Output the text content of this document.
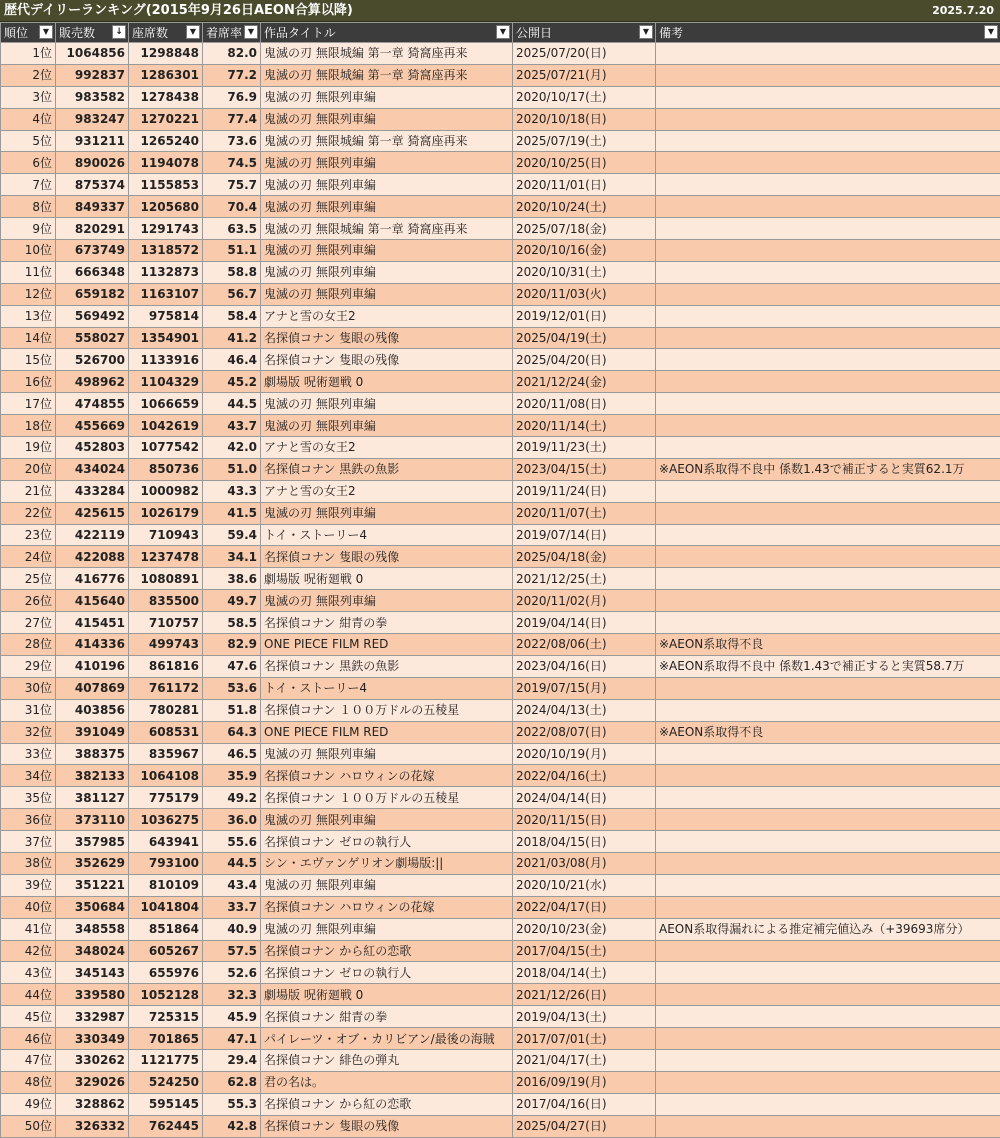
歴代デイリーランキング(2015年9月26日AEON合算以降)	2025.7.20
順位 ▼	販売数 ↓	座席数 ▼	着席率 ▼	作品タイトル ▼	公開日 ▼	備考 ▼

1位	1064856	1298848	82.0	鬼滅の刃 無限城編 第一章 猗窩座再来	2025/07/20(日)	
2位	992837	1286301	77.2	鬼滅の刃 無限城編 第一章 猗窩座再来	2025/07/21(月)	
3位	983582	1278438	76.9	鬼滅の刃 無限列車編	2020/10/17(土)	
4位	983247	1270221	77.4	鬼滅の刃 無限列車編	2020/10/18(日)	
5位	931211	1265240	73.6	鬼滅の刃 無限城編 第一章 猗窩座再来	2025/07/19(土)	
6位	890026	1194078	74.5	鬼滅の刃 無限列車編	2020/10/25(日)	
7位	875374	1155853	75.7	鬼滅の刃 無限列車編	2020/11/01(日)	
8位	849337	1205680	70.4	鬼滅の刃 無限列車編	2020/10/24(土)	
9位	820291	1291743	63.5	鬼滅の刃 無限城編 第一章 猗窩座再来	2025/07/18(金)	
10位	673749	1318572	51.1	鬼滅の刃 無限列車編	2020/10/16(金)	
11位	666348	1132873	58.8	鬼滅の刃 無限列車編	2020/10/31(土)	
12位	659182	1163107	56.7	鬼滅の刃 無限列車編	2020/11/03(火)	
13位	569492	975814	58.4	アナと雪の女王2	2019/12/01(日)	
14位	558027	1354901	41.2	名探偵コナン 隻眼の残像	2025/04/19(土)	
15位	526700	1133916	46.4	名探偵コナン 隻眼の残像	2025/04/20(日)	
16位	498962	1104329	45.2	劇場版 呪術廻戦 0	2021/12/24(金)	
17位	474855	1066659	44.5	鬼滅の刃 無限列車編	2020/11/08(日)	
18位	455669	1042619	43.7	鬼滅の刃 無限列車編	2020/11/14(土)	
19位	452803	1077542	42.0	アナと雪の女王2	2019/11/23(土)	
20位	434024	850736	51.0	名探偵コナン 黒鉄の魚影	2023/04/15(土)	※AEON系取得不良中 係数1.43で補正すると実質62.1万
21位	433284	1000982	43.3	アナと雪の女王2	2019/11/24(日)	
22位	425615	1026179	41.5	鬼滅の刃 無限列車編	2020/11/07(土)	
23位	422119	710943	59.4	トイ・ストーリー4	2019/07/14(日)	
24位	422088	1237478	34.1	名探偵コナン 隻眼の残像	2025/04/18(金)	
25位	416776	1080891	38.6	劇場版 呪術廻戦 0	2021/12/25(土)	
26位	415640	835500	49.7	鬼滅の刃 無限列車編	2020/11/02(月)	
27位	415451	710757	58.5	名探偵コナン 紺青の拳	2019/04/14(日)	
28位	414336	499743	82.9	ONE PIECE FILM RED	2022/08/06(土)	※AEON系取得不良
29位	410196	861816	47.6	名探偵コナン 黒鉄の魚影	2023/04/16(日)	※AEON系取得不良中 係数1.43で補正すると実質58.7万
30位	407869	761172	53.6	トイ・ストーリー4	2019/07/15(月)	
31位	403856	780281	51.8	名探偵コナン １００万ドルの五稜星	2024/04/13(土)	
32位	391049	608531	64.3	ONE PIECE FILM RED	2022/08/07(日)	※AEON系取得不良
33位	388375	835967	46.5	鬼滅の刃 無限列車編	2020/10/19(月)	
34位	382133	1064108	35.9	名探偵コナン ハロウィンの花嫁	2022/04/16(土)	
35位	381127	775179	49.2	名探偵コナン １００万ドルの五稜星	2024/04/14(日)	
36位	373110	1036275	36.0	鬼滅の刃 無限列車編	2020/11/15(日)	
37位	357985	643941	55.6	名探偵コナン ゼロの執行人	2018/04/15(日)	
38位	352629	793100	44.5	シン・エヴァンゲリオン劇場版:||	2021/03/08(月)	
39位	351221	810109	43.4	鬼滅の刃 無限列車編	2020/10/21(水)	
40位	350684	1041804	33.7	名探偵コナン ハロウィンの花嫁	2022/04/17(日)	
41位	348558	851864	40.9	鬼滅の刃 無限列車編	2020/10/23(金)	AEON系取得漏れによる推定補完値込み（+39693席分）
42位	348024	605267	57.5	名探偵コナン から紅の恋歌	2017/04/15(土)	
43位	345143	655976	52.6	名探偵コナン ゼロの執行人	2018/04/14(土)	
44位	339580	1052128	32.3	劇場版 呪術廻戦 0	2021/12/26(日)	
45位	332987	725315	45.9	名探偵コナン 紺青の拳	2019/04/13(土)	
46位	330349	701865	47.1	パイレーツ・オブ・カリビアン/最後の海賊	2017/07/01(土)	
47位	330262	1121775	29.4	名探偵コナン 緋色の弾丸	2021/04/17(土)	
48位	329026	524250	62.8	君の名は。	2016/09/19(月)	
49位	328862	595145	55.3	名探偵コナン から紅の恋歌	2017/04/16(日)	
50位	326332	762445	42.8	名探偵コナン 隻眼の残像	2025/04/27(日)	
